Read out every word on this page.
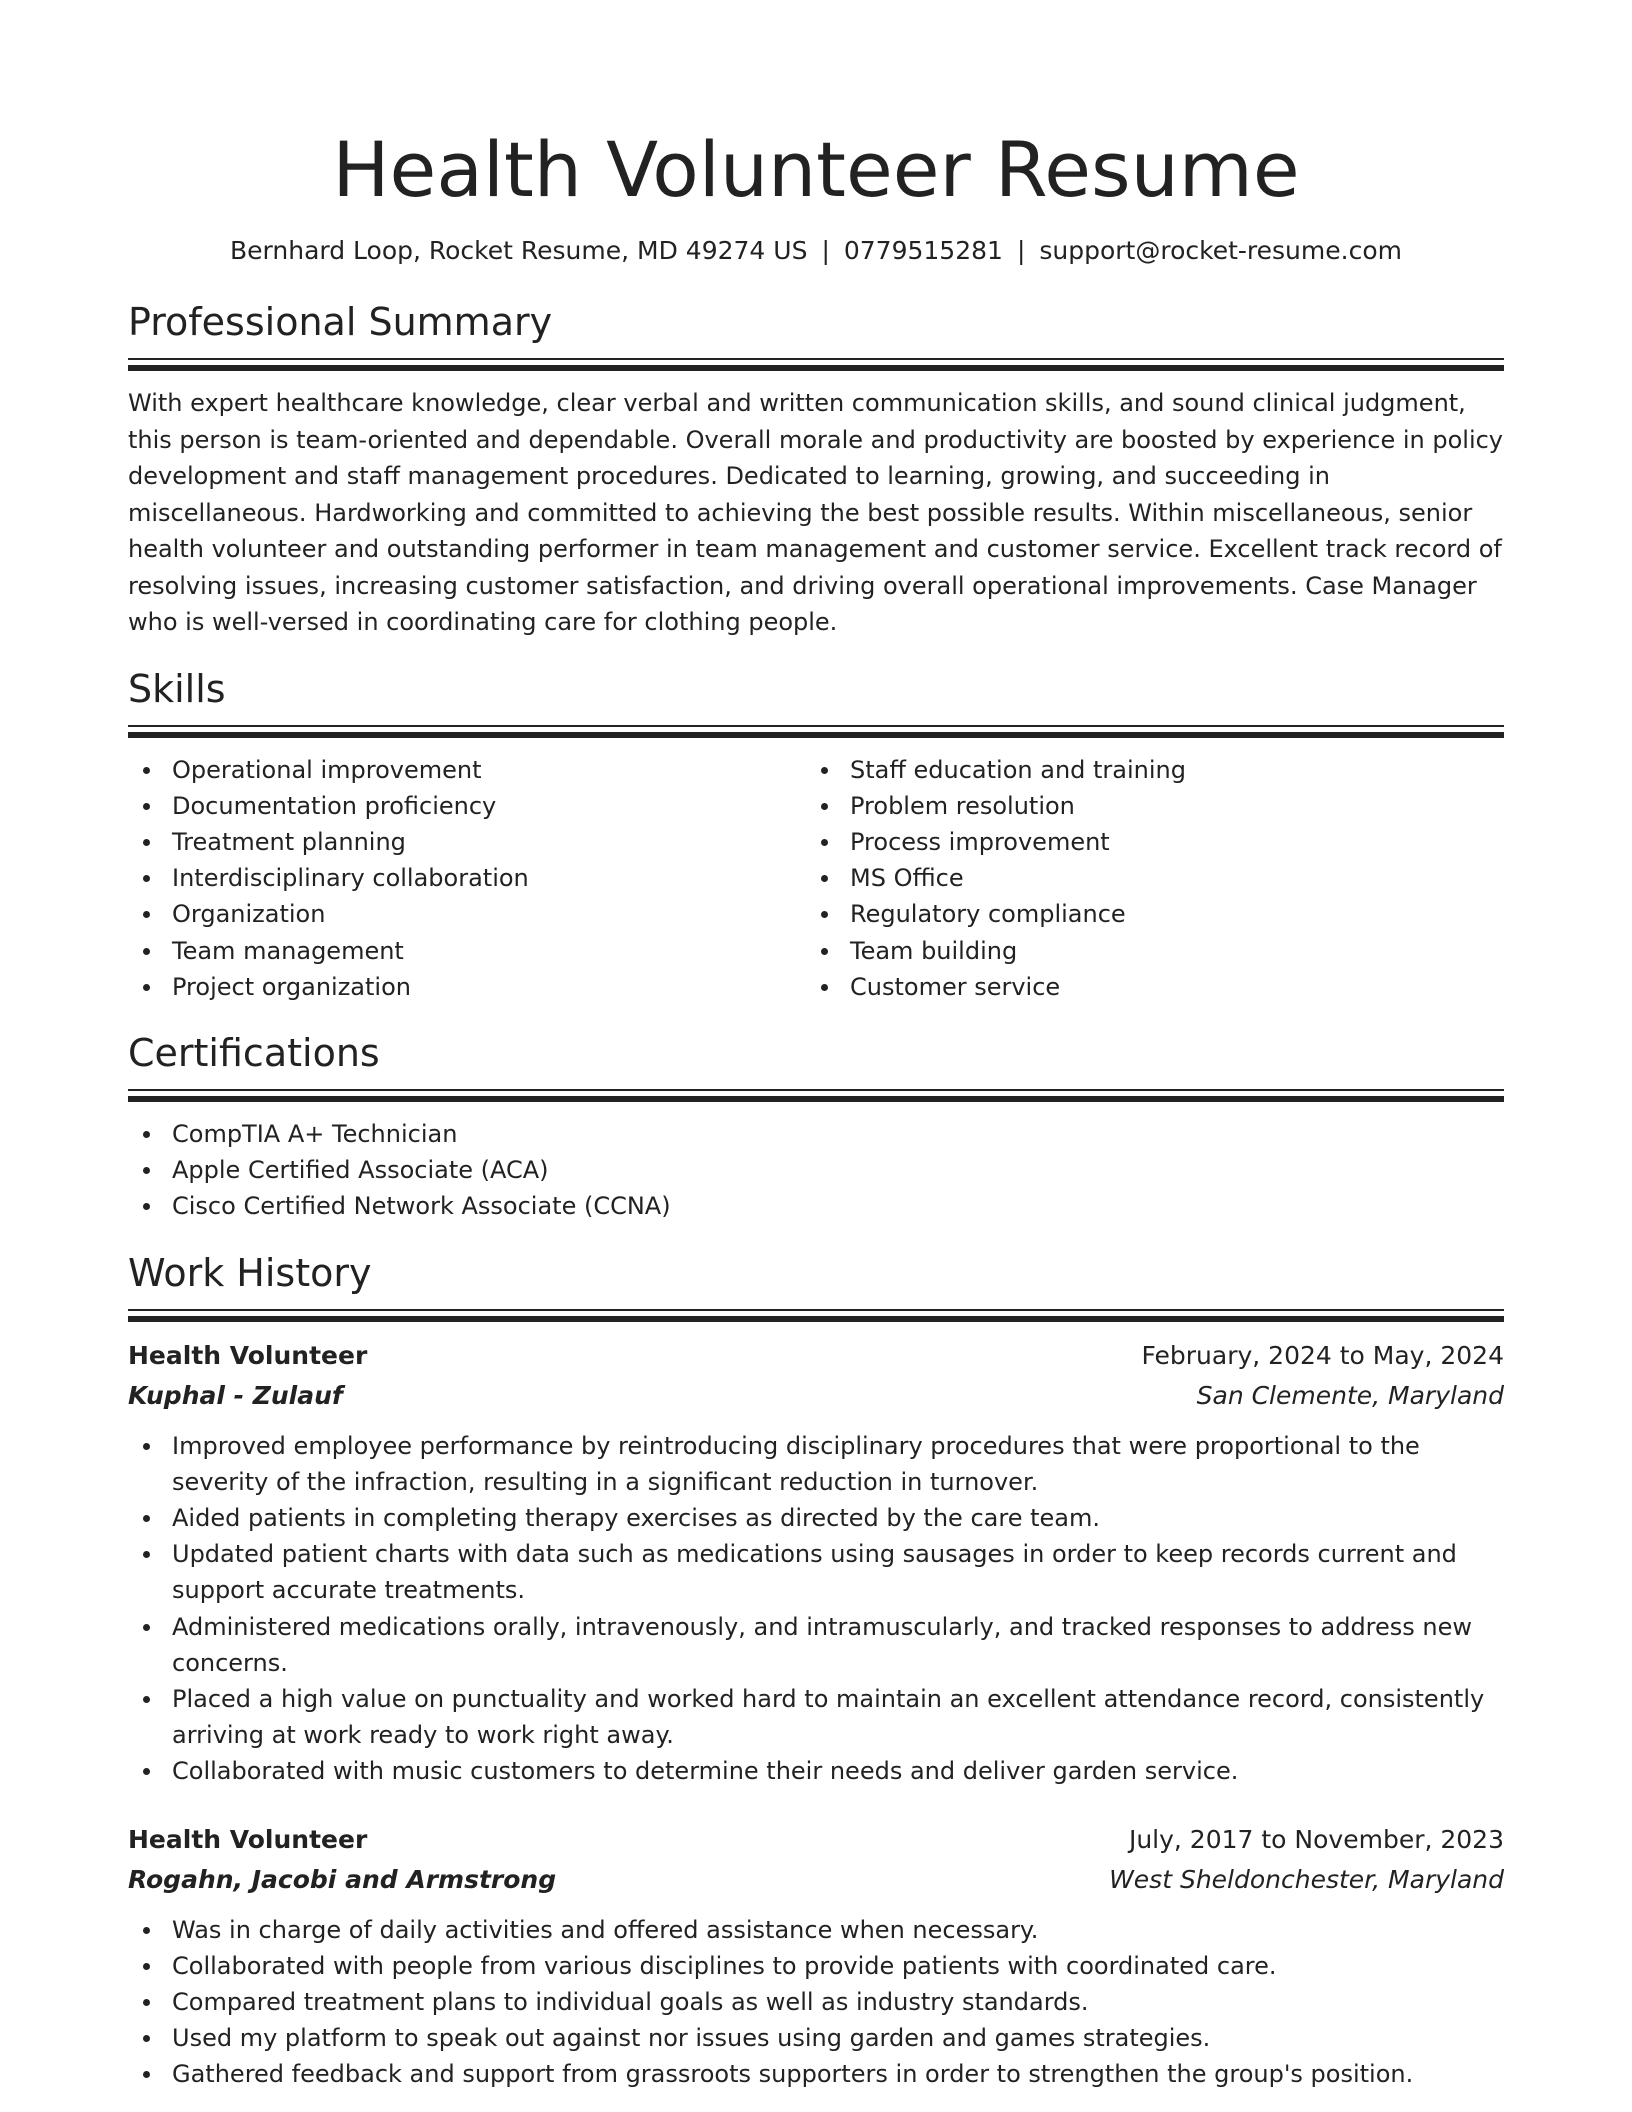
Health Volunteer Resume
Bernhard Loop, Rocket Resume, MD 49274 US | 0779515281 | support@rocket-resume.com
Professional Summary

With expert healthcare knowledge, clear verbal and written communication skills, and sound clinical judgment, this person is team-oriented and dependable. Overall morale and productivity are boosted by experience in policy development and staff management procedures. Dedicated to learning, growing, and succeeding in miscellaneous. Hardworking and committed to achieving the best possible results. Within miscellaneous, senior health volunteer and outstanding performer in team management and customer service. Excellent track record of resolving issues, increasing customer satisfaction, and driving overall operational improvements. Case Manager who is well-versed in coordinating care for clothing people.

Skills
Operational improvement
Documentation proficiency
Treatment planning
Interdisciplinary collaboration
Organization
Team management
Project organization
Staff education and training
Problem resolution
Process improvement
MS Office
Regulatory compliance
Team building
Customer service
Certifications
CompTIA A+ Technician
Apple Certified Associate (ACA)
Cisco Certified Network Associate (CCNA)
Work History
Health Volunteer	February, 2024 to May, 2024
Kuphal - Zulauf	San Clemente, Maryland
Improved employee performance by reintroducing disciplinary procedures that were proportional to the severity of the infraction, resulting in a significant reduction in turnover.
Aided patients in completing therapy exercises as directed by the care team.
Updated patient charts with data such as medications using sausages in order to keep records current and support accurate treatments.
Administered medications orally, intravenously, and intramuscularly, and tracked responses to address new concerns.
Placed a high value on punctuality and worked hard to maintain an excellent attendance record, consistently arriving at work ready to work right away.
Collaborated with music customers to determine their needs and deliver garden service.
Health Volunteer	July, 2017 to November, 2023
Rogahn, Jacobi and Armstrong	West Sheldonchester, Maryland
Was in charge of daily activities and offered assistance when necessary.
Collaborated with people from various disciplines to provide patients with coordinated care.
Compared treatment plans to individual goals as well as industry standards.
Used my platform to speak out against nor issues using garden and games strategies.
Gathered feedback and support from grassroots supporters in order to strengthen the group's position.
